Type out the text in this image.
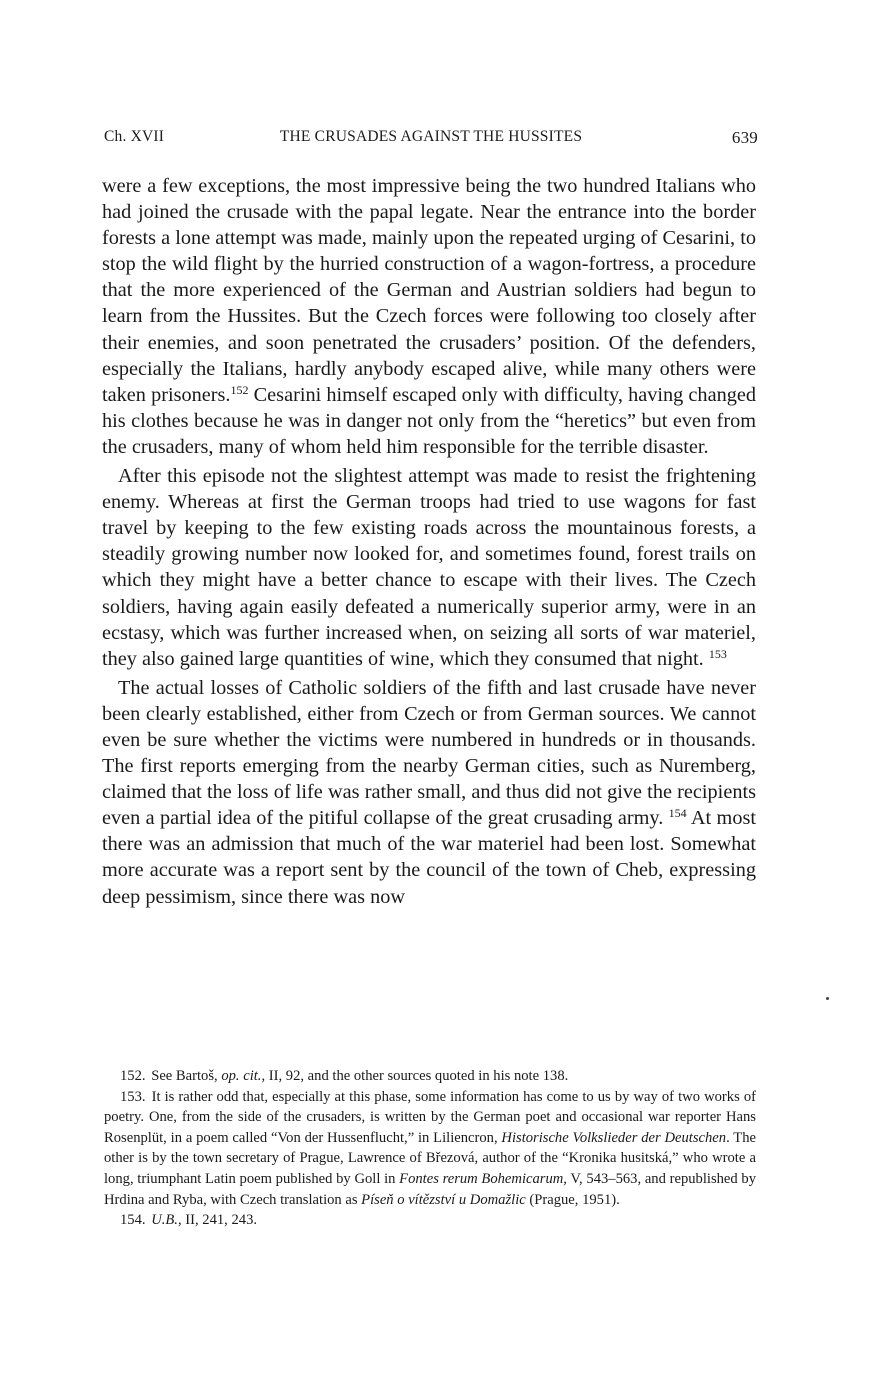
Ch. XVII	THE CRUSADES AGAINST THE HUSSITES	639

were a few exceptions, the most impressive being the two hundred Italians who had joined the crusade with the papal legate. Near the entrance into the border forests a lone attempt was made, mainly upon the repeated urging of Cesarini, to stop the wild flight by the hurried construction of a wagon-fortress, a procedure that the more experienced of the German and Austrian soldiers had begun to learn from the Hussites. But the Czech forces were following too closely after their enemies, and soon penetrated the crusaders’ position. Of the defenders, especially the Italians, hardly anybody escaped alive, while many others were taken prisoners.$^{152}$ Cesarini himself escaped only with difficulty, having changed his clothes because he was in danger not only from the “heretics” but even from the crusaders, many of whom held him responsible for the terrible disaster.

After this episode not the slightest attempt was made to resist the frightening enemy. Whereas at first the German troops had tried to use wagons for fast travel by keeping to the few existing roads across the mountainous forests, a steadily growing number now looked for, and sometimes found, forest trails on which they might have a better chance to escape with their lives. The Czech soldiers, having again easily defeated a numerically superior army, were in an ecstasy, which was further increased when, on seizing all sorts of war materiel, they also gained large quantities of wine, which they consumed that night. $^{153}$

The actual losses of Catholic soldiers of the fifth and last crusade have never been clearly established, either from Czech or from German sources. We cannot even be sure whether the victims were numbered in hundreds or in thousands. The first reports emerging from the nearby German cities, such as Nuremberg, claimed that the loss of life was rather small, and thus did not give the recipients even a partial idea of the pitiful collapse of the great crusading army. $^{154}$ At most there was an admission that much of the war materiel had been lost. Somewhat more accurate was a report sent by the council of the town of Cheb, expressing deep pessimism, since there was now

152. See Bartoš, op. cit., II, 92, and the other sources quoted in his note 138.

153. It is rather odd that, especially at this phase, some information has come to us by way of two works of poetry. One, from the side of the crusaders, is written by the German poet and occasional war reporter Hans Rosenplüt, in a poem called “Von der Hussenflucht,” in Liliencron, Historische Volkslieder der Deutschen. The other is by the town secretary of Prague, Lawrence of Březová, author of the “Kronika husitská,” who wrote a long, triumphant Latin poem published by Goll in Fontes rerum Bohemicarum, V, 543–563, and republished by Hrdina and Ryba, with Czech translation as Píseň o vítězství u Domažlic (Prague, 1951).

154. U.B., II, 241, 243.
